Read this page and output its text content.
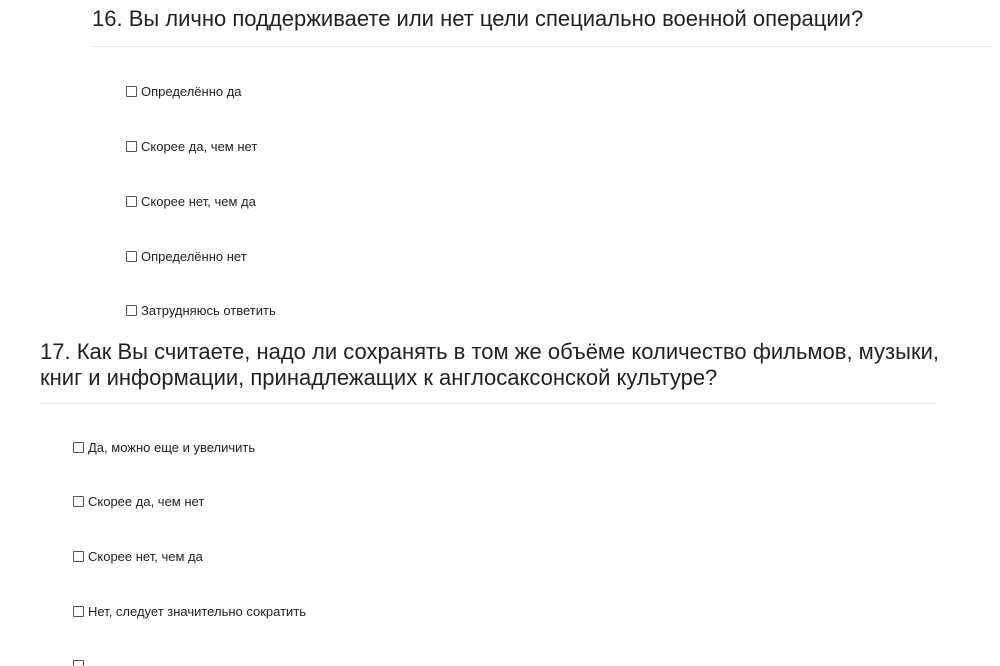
16. Вы лично поддерживаете или нет цели специально военной операции?
Определённо да
Скорее да, чем нет
Скорее нет, чем да
Определённо нет
Затрудняюсь ответить
17. Как Вы считаете, надо ли сохранять в том же объёме количество фильмов, музыки, книг и информации, принадлежащих к англосаксонской культуре?
Да, можно еще и увеличить
Скорее да, чем нет
Скорее нет, чем да
Нет, следует значительно сократить
